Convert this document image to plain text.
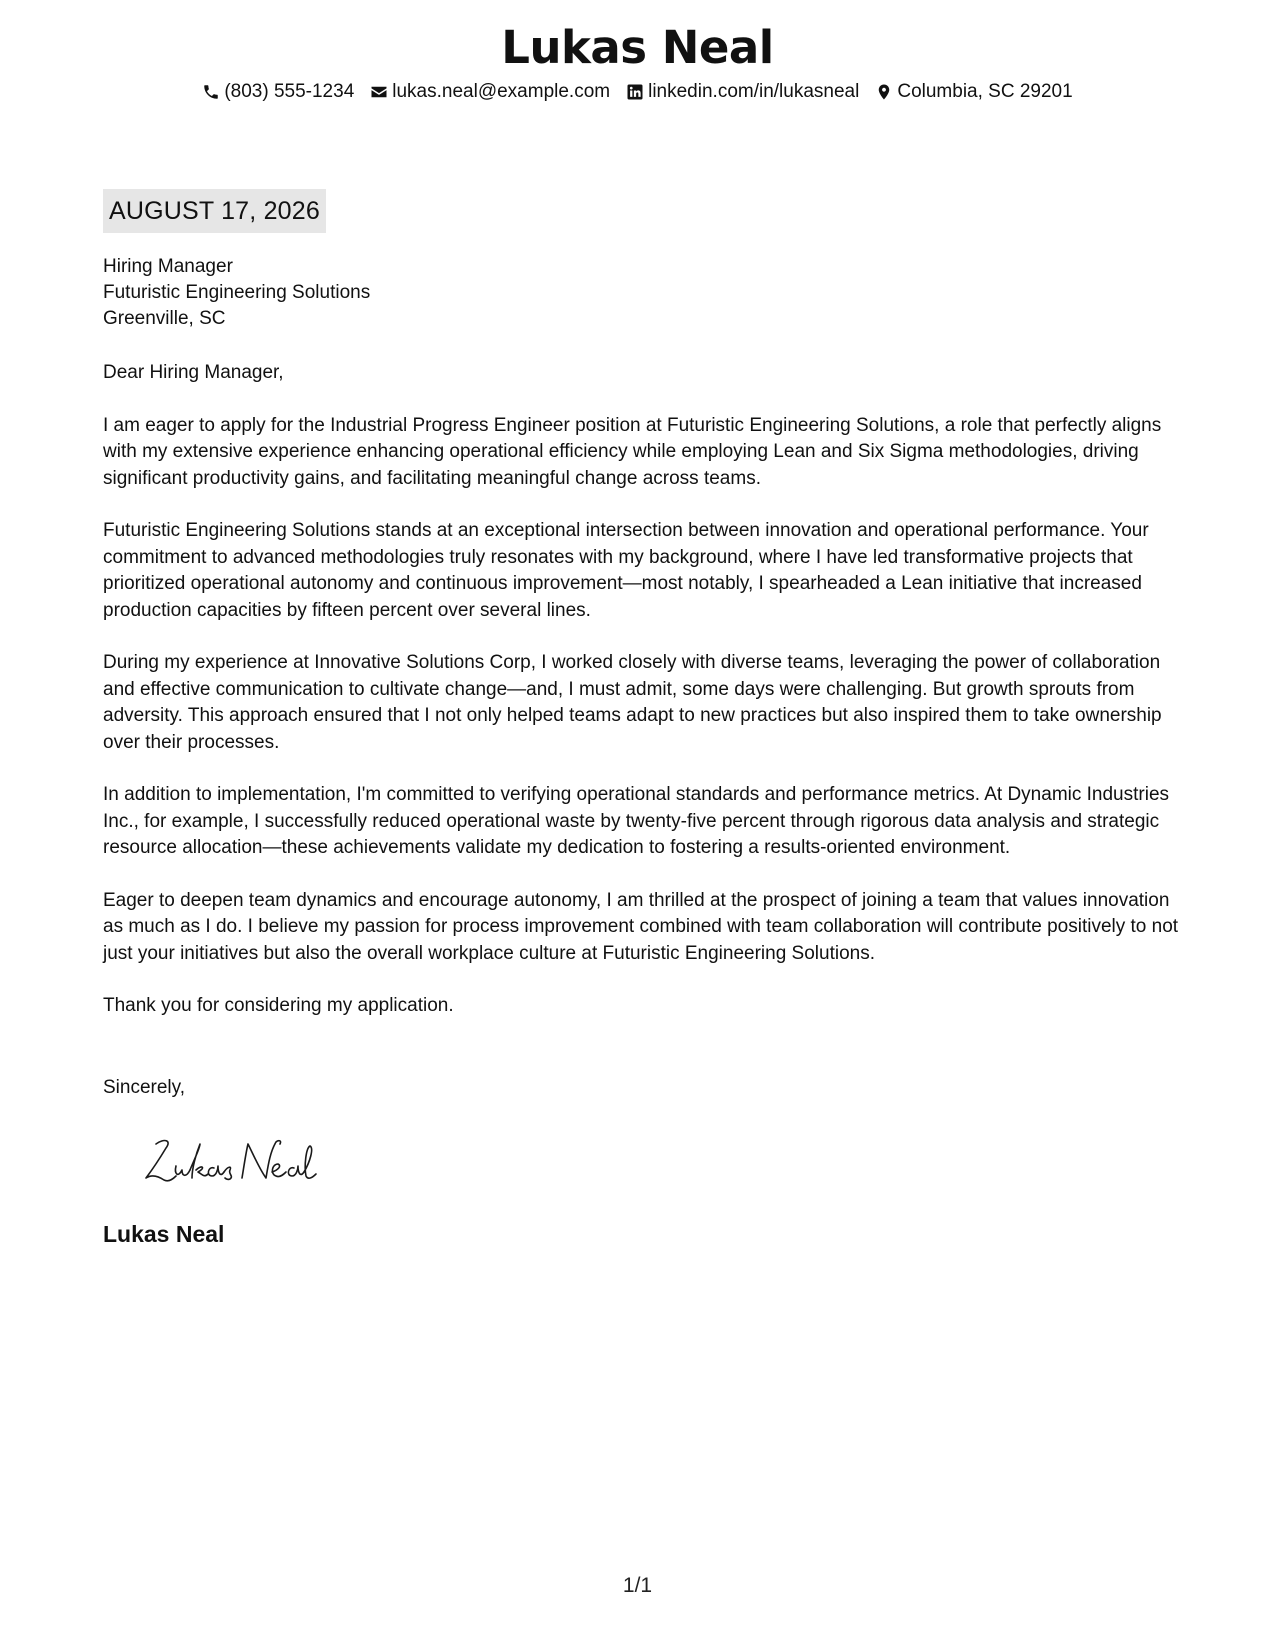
Lukas Neal
(803) 555-1234 lukas.neal@example.com linkedin.com/in/lukasneal Columbia, SC 29201
AUGUST 17, 2026
Hiring Manager
Futuristic Engineering Solutions
Greenville, SC

Dear Hiring Manager,

I am eager to apply for the Industrial Progress Engineer position at Futuristic Engineering Solutions, a role that perfectly aligns with my extensive experience enhancing operational efficiency while employing Lean and Six Sigma methodologies, driving significant productivity gains, and facilitating meaningful change across teams.

Futuristic Engineering Solutions stands at an exceptional intersection between innovation and operational performance. Your commitment to advanced methodologies truly resonates with my background, where I have led transformative projects that prioritized operational autonomy and continuous improvement—most notably, I spearheaded a Lean initiative that increased production capacities by fifteen percent over several lines.

During my experience at Innovative Solutions Corp, I worked closely with diverse teams, leveraging the power of collaboration and effective communication to cultivate change—and, I must admit, some days were challenging. But growth sprouts from adversity. This approach ensured that I not only helped teams adapt to new practices but also inspired them to take ownership over their processes.

In addition to implementation, I'm committed to verifying operational standards and performance metrics. At Dynamic Industries Inc., for example, I successfully reduced operational waste by twenty-five percent through rigorous data analysis and strategic resource allocation—these achievements validate my dedication to fostering a results-oriented environment.

Eager to deepen team dynamics and encourage autonomy, I am thrilled at the prospect of joining a team that values innovation as much as I do. I believe my passion for process improvement combined with team collaboration will contribute positively to not just your initiatives but also the overall workplace culture at Futuristic Engineering Solutions.

Thank you for considering my application.

Sincerely,
Lukas Neal
1/1
